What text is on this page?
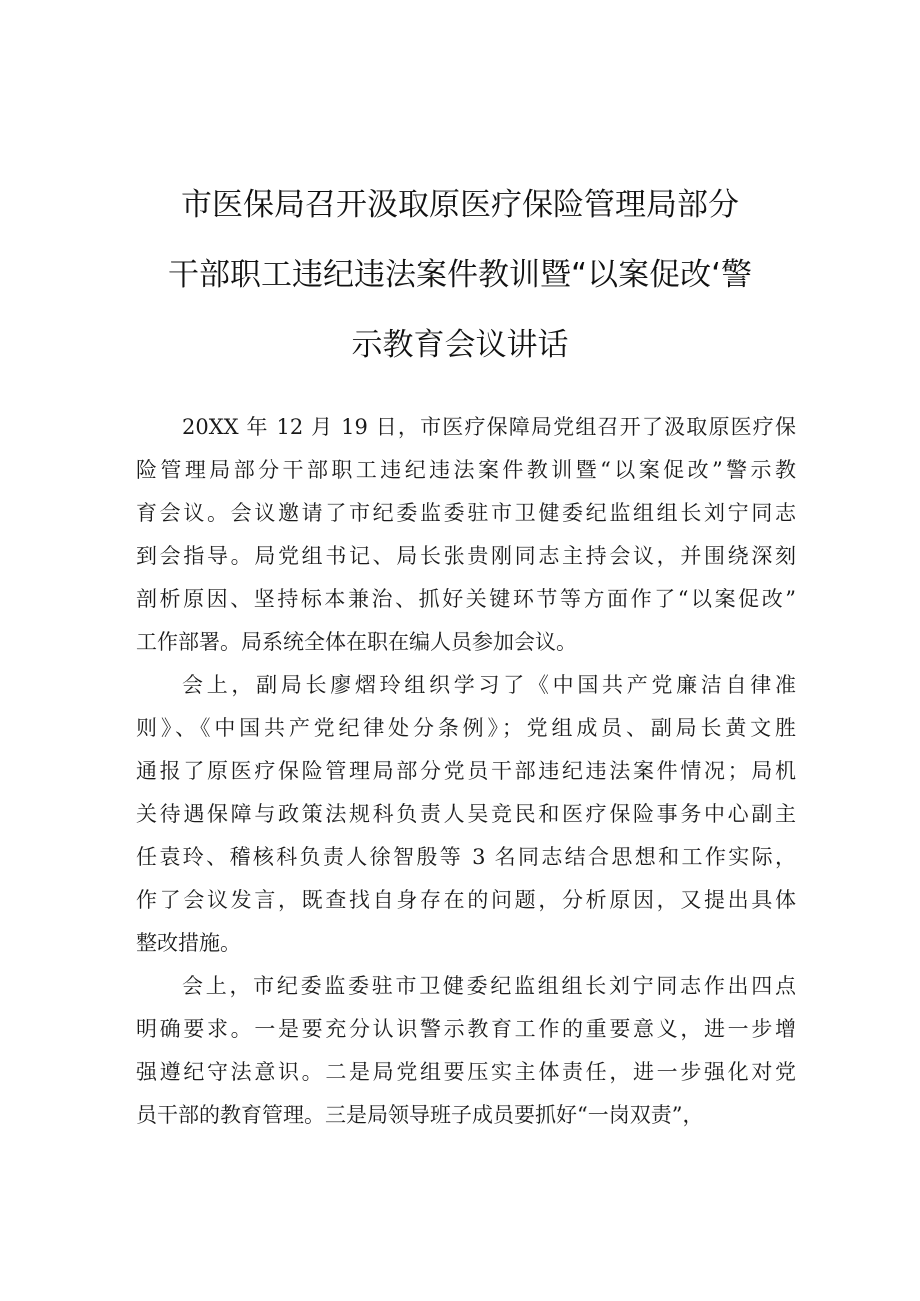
市医保局召开汲取原医疗保险管理局部分
干部职工违纪违法案件教训暨“以案促改‘警
示教育会议讲话
20XX 年 12 月 19 日，市医疗保障局党组召开了汲取原医疗保
险管理局部分干部职工违纪违法案件教训暨“以案促改”警示教
育会议。会议邀请了市纪委监委驻市卫健委纪监组组长刘宁同志
到会指导。局党组书记、局长张贵刚同志主持会议，并围绕深刻
剖析原因、坚持标本兼治、抓好关键环节等方面作了“以案促改”
工作部署。局系统全体在职在编人员参加会议。
会上，副局长廖熠玲组织学习了《中国共产党廉洁自律准
则》、《中国共产党纪律处分条例》；党组成员、副局长黄文胜
通报了原医疗保险管理局部分党员干部违纪违法案件情况；局机
关待遇保障与政策法规科负责人吴竞民和医疗保险事务中心副主
任袁玲、稽核科负责人徐智殷等 3 名同志结合思想和工作实际，
作了会议发言，既查找自身存在的问题，分析原因，又提出具体
整改措施。
会上，市纪委监委驻市卫健委纪监组组长刘宁同志作出四点
明确要求。一是要充分认识警示教育工作的重要意义，进一步增
强遵纪守法意识。二是局党组要压实主体责任，进一步强化对党
员干部的教育管理。三是局领导班子成员要抓好“一岗双责”，
